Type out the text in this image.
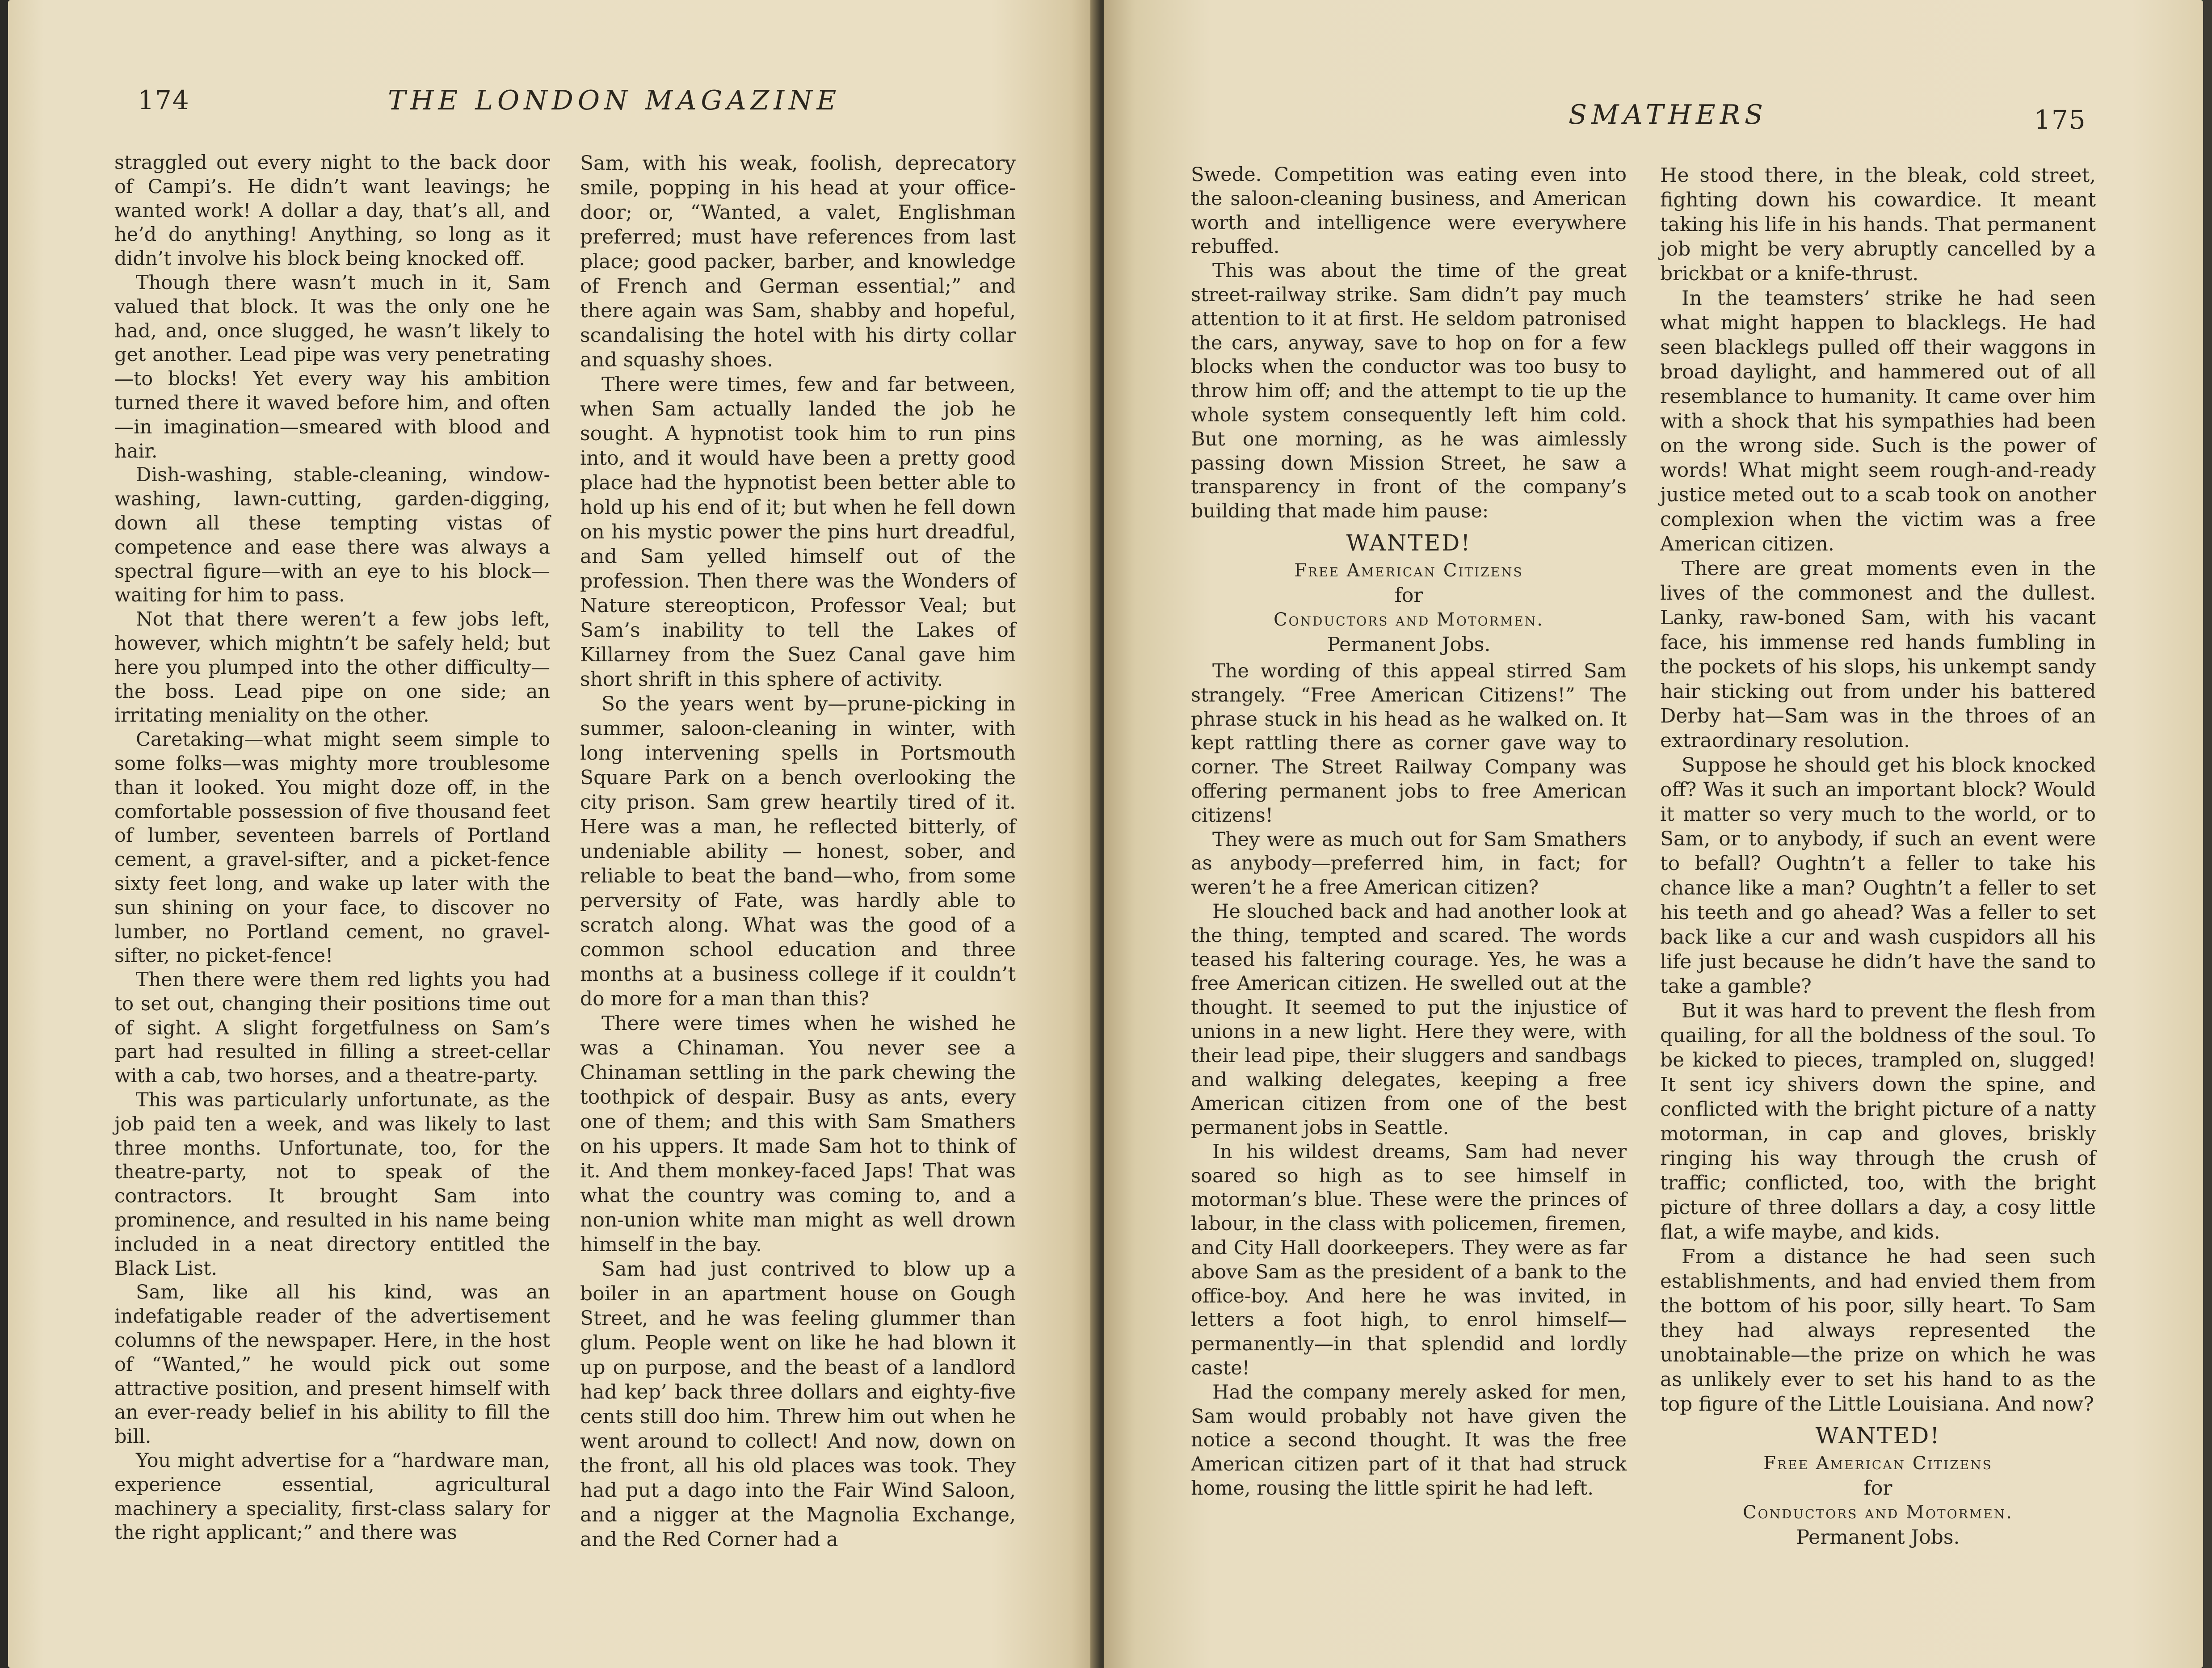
174	THE LONDON MAGAZINE

straggled out every night to the back door of Campi’s. He didn’t want leavings; he wanted work! A dollar a day, that’s all, and he’d do anything! Anything, so long as it didn’t involve his block being knocked off.

Though there wasn’t much in it, Sam valued that block. It was the only one he had, and, once slugged, he wasn’t likely to get another. Lead pipe was very penetrating—to blocks! Yet every way his ambition turned there it waved before him, and often—in imagination—smeared with blood and hair.

Dish-washing, stable-cleaning, window-washing, lawn-cutting, garden-digging, down all these tempting vistas of competence and ease there was always a spectral figure—with an eye to his block—waiting for him to pass.

Not that there weren’t a few jobs left, however, which mightn’t be safely held; but here you plumped into the other difficulty—the boss. Lead pipe on one side; an irritating meniality on the other.

Caretaking—what might seem simple to some folks—was mighty more troublesome than it looked. You might doze off, in the comfortable possession of five thousand feet of lumber, seventeen barrels of Portland cement, a gravel-sifter, and a picket-fence sixty feet long, and wake up later with the sun shining on your face, to discover no lumber, no Portland cement, no gravel-sifter, no picket-fence!

Then there were them red lights you had to set out, changing their positions time out of sight. A slight forgetfulness on Sam’s part had resulted in filling a street-cellar with a cab, two horses, and a theatre-party.

This was particularly unfortunate, as the job paid ten a week, and was likely to last three months. Unfortunate, too, for the theatre-party, not to speak of the contractors. It brought Sam into prominence, and resulted in his name being included in a neat directory entitled the Black List.

Sam, like all his kind, was an indefatigable reader of the advertisement columns of the newspaper. Here, in the host of “Wanted,” he would pick out some attractive position, and present himself with an ever-ready belief in his ability to fill the bill.

You might advertise for a “hardware man, experience essential, agricultural machinery a speciality, first-class salary for the right applicant;” and there was

Sam, with his weak, foolish, deprecatory smile, popping in his head at your office-door; or, “Wanted, a valet, Englishman preferred; must have references from last place; good packer, barber, and knowledge of French and German essential;” and there again was Sam, shabby and hopeful, scandalising the hotel with his dirty collar and squashy shoes.

There were times, few and far between, when Sam actually landed the job he sought. A hypnotist took him to run pins into, and it would have been a pretty good place had the hypnotist been better able to hold up his end of it; but when he fell down on his mystic power the pins hurt dreadful, and Sam yelled himself out of the profession. Then there was the Wonders of Nature stereopticon, Professor Veal; but Sam’s inability to tell the Lakes of Killarney from the Suez Canal gave him short shrift in this sphere of activity.

So the years went by—prune-picking in summer, saloon-cleaning in winter, with long intervening spells in Portsmouth Square Park on a bench overlooking the city prison. Sam grew heartily tired of it. Here was a man, he reflected bitterly, of undeniable ability — honest, sober, and reliable to beat the band—who, from some perversity of Fate, was hardly able to scratch along. What was the good of a common school education and three months at a business college if it couldn’t do more for a man than this?

There were times when he wished he was a Chinaman. You never see a Chinaman settling in the park chewing the toothpick of despair. Busy as ants, every one of them; and this with Sam Smathers on his uppers. It made Sam hot to think of it. And them monkey-faced Japs! That was what the country was coming to, and a non-union white man might as well drown himself in the bay.

Sam had just contrived to blow up a boiler in an apartment house on Gough Street, and he was feeling glummer than glum. People went on like he had blown it up on purpose, and the beast of a landlord had kep’ back three dollars and eighty-five cents still doo him. Threw him out when he went around to collect! And now, down on the front, all his old places was took. They had put a dago into the Fair Wind Saloon, and a nigger at the Magnolia Exchange, and the Red Corner had a

SMATHERS	175

Swede. Competition was eating even into the saloon-cleaning business, and American worth and intelligence were everywhere rebuffed.

This was about the time of the great street-railway strike. Sam didn’t pay much attention to it at first. He seldom patronised the cars, anyway, save to hop on for a few blocks when the conductor was too busy to throw him off; and the attempt to tie up the whole system consequently left him cold. But one morning, as he was aimlessly passing down Mission Street, he saw a transparency in front of the company’s building that made him pause:

WANTED!
Free American Citizens
for
Conductors and Motormen.
Permanent Jobs.

The wording of this appeal stirred Sam strangely. “Free American Citizens!” The phrase stuck in his head as he walked on. It kept rattling there as corner gave way to corner. The Street Railway Company was offering permanent jobs to free American citizens!

They were as much out for Sam Smathers as anybody—preferred him, in fact; for weren’t he a free American citizen?

He slouched back and had another look at the thing, tempted and scared. The words teased his faltering courage. Yes, he was a free American citizen. He swelled out at the thought. It seemed to put the injustice of unions in a new light. Here they were, with their lead pipe, their sluggers and sandbags and walking delegates, keeping a free American citizen from one of the best permanent jobs in Seattle.

In his wildest dreams, Sam had never soared so high as to see himself in motorman’s blue. These were the princes of labour, in the class with policemen, firemen, and City Hall doorkeepers. They were as far above Sam as the president of a bank to the office-boy. And here he was invited, in letters a foot high, to enrol himself—permanently—in that splendid and lordly caste!

Had the company merely asked for men, Sam would probably not have given the notice a second thought. It was the free American citizen part of it that had struck home, rousing the little spirit he had left.

He stood there, in the bleak, cold street, fighting down his cowardice. It meant taking his life in his hands. That permanent job might be very abruptly cancelled by a brickbat or a knife-thrust.

In the teamsters’ strike he had seen what might happen to blacklegs. He had seen blacklegs pulled off their waggons in broad daylight, and hammered out of all resemblance to humanity. It came over him with a shock that his sympathies had been on the wrong side. Such is the power of words! What might seem rough-and-ready justice meted out to a scab took on another complexion when the victim was a free American citizen.

There are great moments even in the lives of the commonest and the dullest. Lanky, raw-boned Sam, with his vacant face, his immense red hands fumbling in the pockets of his slops, his unkempt sandy hair sticking out from under his battered Derby hat—Sam was in the throes of an extraordinary resolution.

Suppose he should get his block knocked off? Was it such an important block? Would it matter so very much to the world, or to Sam, or to anybody, if such an event were to befall? Oughtn’t a feller to take his chance like a man? Oughtn’t a feller to set his teeth and go ahead? Was a feller to set back like a cur and wash cuspidors all his life just because he didn’t have the sand to take a gamble?

But it was hard to prevent the flesh from quailing, for all the boldness of the soul. To be kicked to pieces, trampled on, slugged! It sent icy shivers down the spine, and conflicted with the bright picture of a natty motorman, in cap and gloves, briskly ringing his way through the crush of traffic; conflicted, too, with the bright picture of three dollars a day, a cosy little flat, a wife maybe, and kids.

From a distance he had seen such establishments, and had envied them from the bottom of his poor, silly heart. To Sam they had always represented the unobtainable—the prize on which he was as unlikely ever to set his hand to as the top figure of the Little Louisiana. And now?

WANTED!
Free American Citizens
for
Conductors and Motormen.
Permanent Jobs.
